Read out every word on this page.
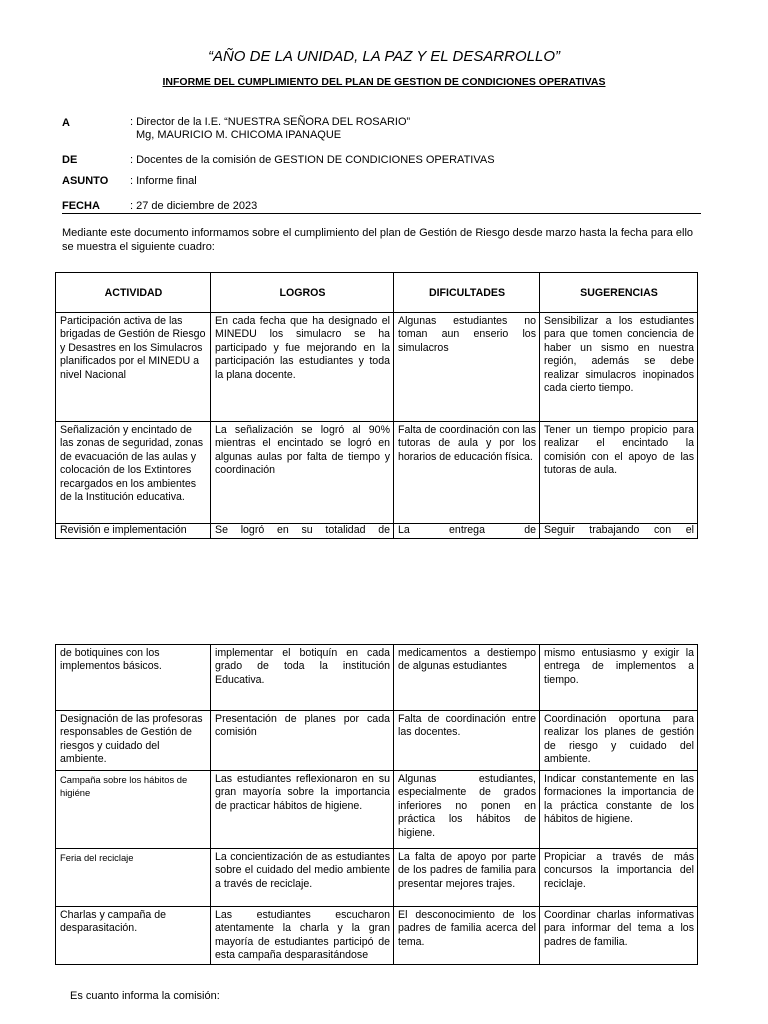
“AÑO DE LA UNIDAD, LA PAZ Y EL DESARROLLO”
INFORME DEL CUMPLIMIENTO DEL PLAN DE GESTION DE CONDICIONES OPERATIVAS
A	: Director de la I.E. “NUESTRA SEÑORA DEL ROSARIO”
Mg, MAURICIO M. CHICOMA IPANAQUE
DE	: Docentes de la comisión de GESTION DE CONDICIONES OPERATIVAS
ASUNTO : Informe final
FECHA	: 27 de diciembre de 2023
Mediante este documento informamos sobre el cumplimiento del plan de Gestión de Riesgo desde marzo hasta la fecha para ello se muestra el siguiente cuadro:
ACTIVIDAD	LOGROS	DIFICULTADES	SUGERENCIAS
Participación activa de las brigadas de Gestión de Riesgo y Desastres en los Simulacros planificados por el MINEDU a nivel Nacional	En cada fecha que ha designado el MINEDU los simulacro se ha participado y fue mejorando en la participación las estudiantes y toda la plana docente.	Algunas estudiantes no toman aun enserio los simulacros	Sensibilizar a los estudiantes para que tomen conciencia de haber un sismo en nuestra región, además se debe realizar simulacros inopinados cada cierto tiempo.
Señalización y encintado de las zonas de seguridad, zonas de evacuación de las aulas y colocación de los Extintores recargados en los ambientes de la Institución educativa.	La señalización se logró al 90% mientras el encintado se logró en algunas aulas por falta de tiempo y coordinación	Falta de coordinación con las tutoras de aula y por los horarios de educación física.	Tener un tiempo propicio para realizar el encintado la comisión con el apoyo de las tutoras de aula.
Revisión e implementación	Se logró en su totalidad de	La entrega de	Seguir trabajando con el
de botiquines con los implementos básicos.	implementar el botiquín en cada grado de toda la institución Educativa.	medicamentos a destiempo de algunas estudiantes	mismo entusiasmo y exigir la entrega de implementos a tiempo.
Designación de las profesoras responsables de Gestión de riesgos y cuidado del ambiente.	Presentación de planes por cada comisión	Falta de coordinación entre las docentes.	Coordinación oportuna para realizar los planes de gestión de riesgo y cuidado del ambiente.
Campaña sobre los hábitos de higiéne	Las estudiantes reflexionaron en su gran mayoría sobre la importancia de practicar hábitos de higiene.	Algunas estudiantes, especialmente de grados inferiores no ponen en práctica los hábitos de higiene.	Indicar constantemente en las formaciones la importancia de la práctica constante de los hábitos de higiene.
Feria del reciclaje	La concientización de as estudiantes sobre el cuidado del medio ambiente a través de reciclaje.	La falta de apoyo por parte de los padres de familia para presentar mejores trajes.	Propiciar a través de más concursos la importancia del reciclaje.
Charlas y campaña de desparasitación.	Las estudiantes escucharon atentamente la charla y la gran mayoría de estudiantes participó de esta campaña desparasitándose	El desconocimiento de los padres de familia acerca del tema.	Coordinar charlas informativas para informar del tema a los padres de familia.
Es cuanto informa la comisión:
